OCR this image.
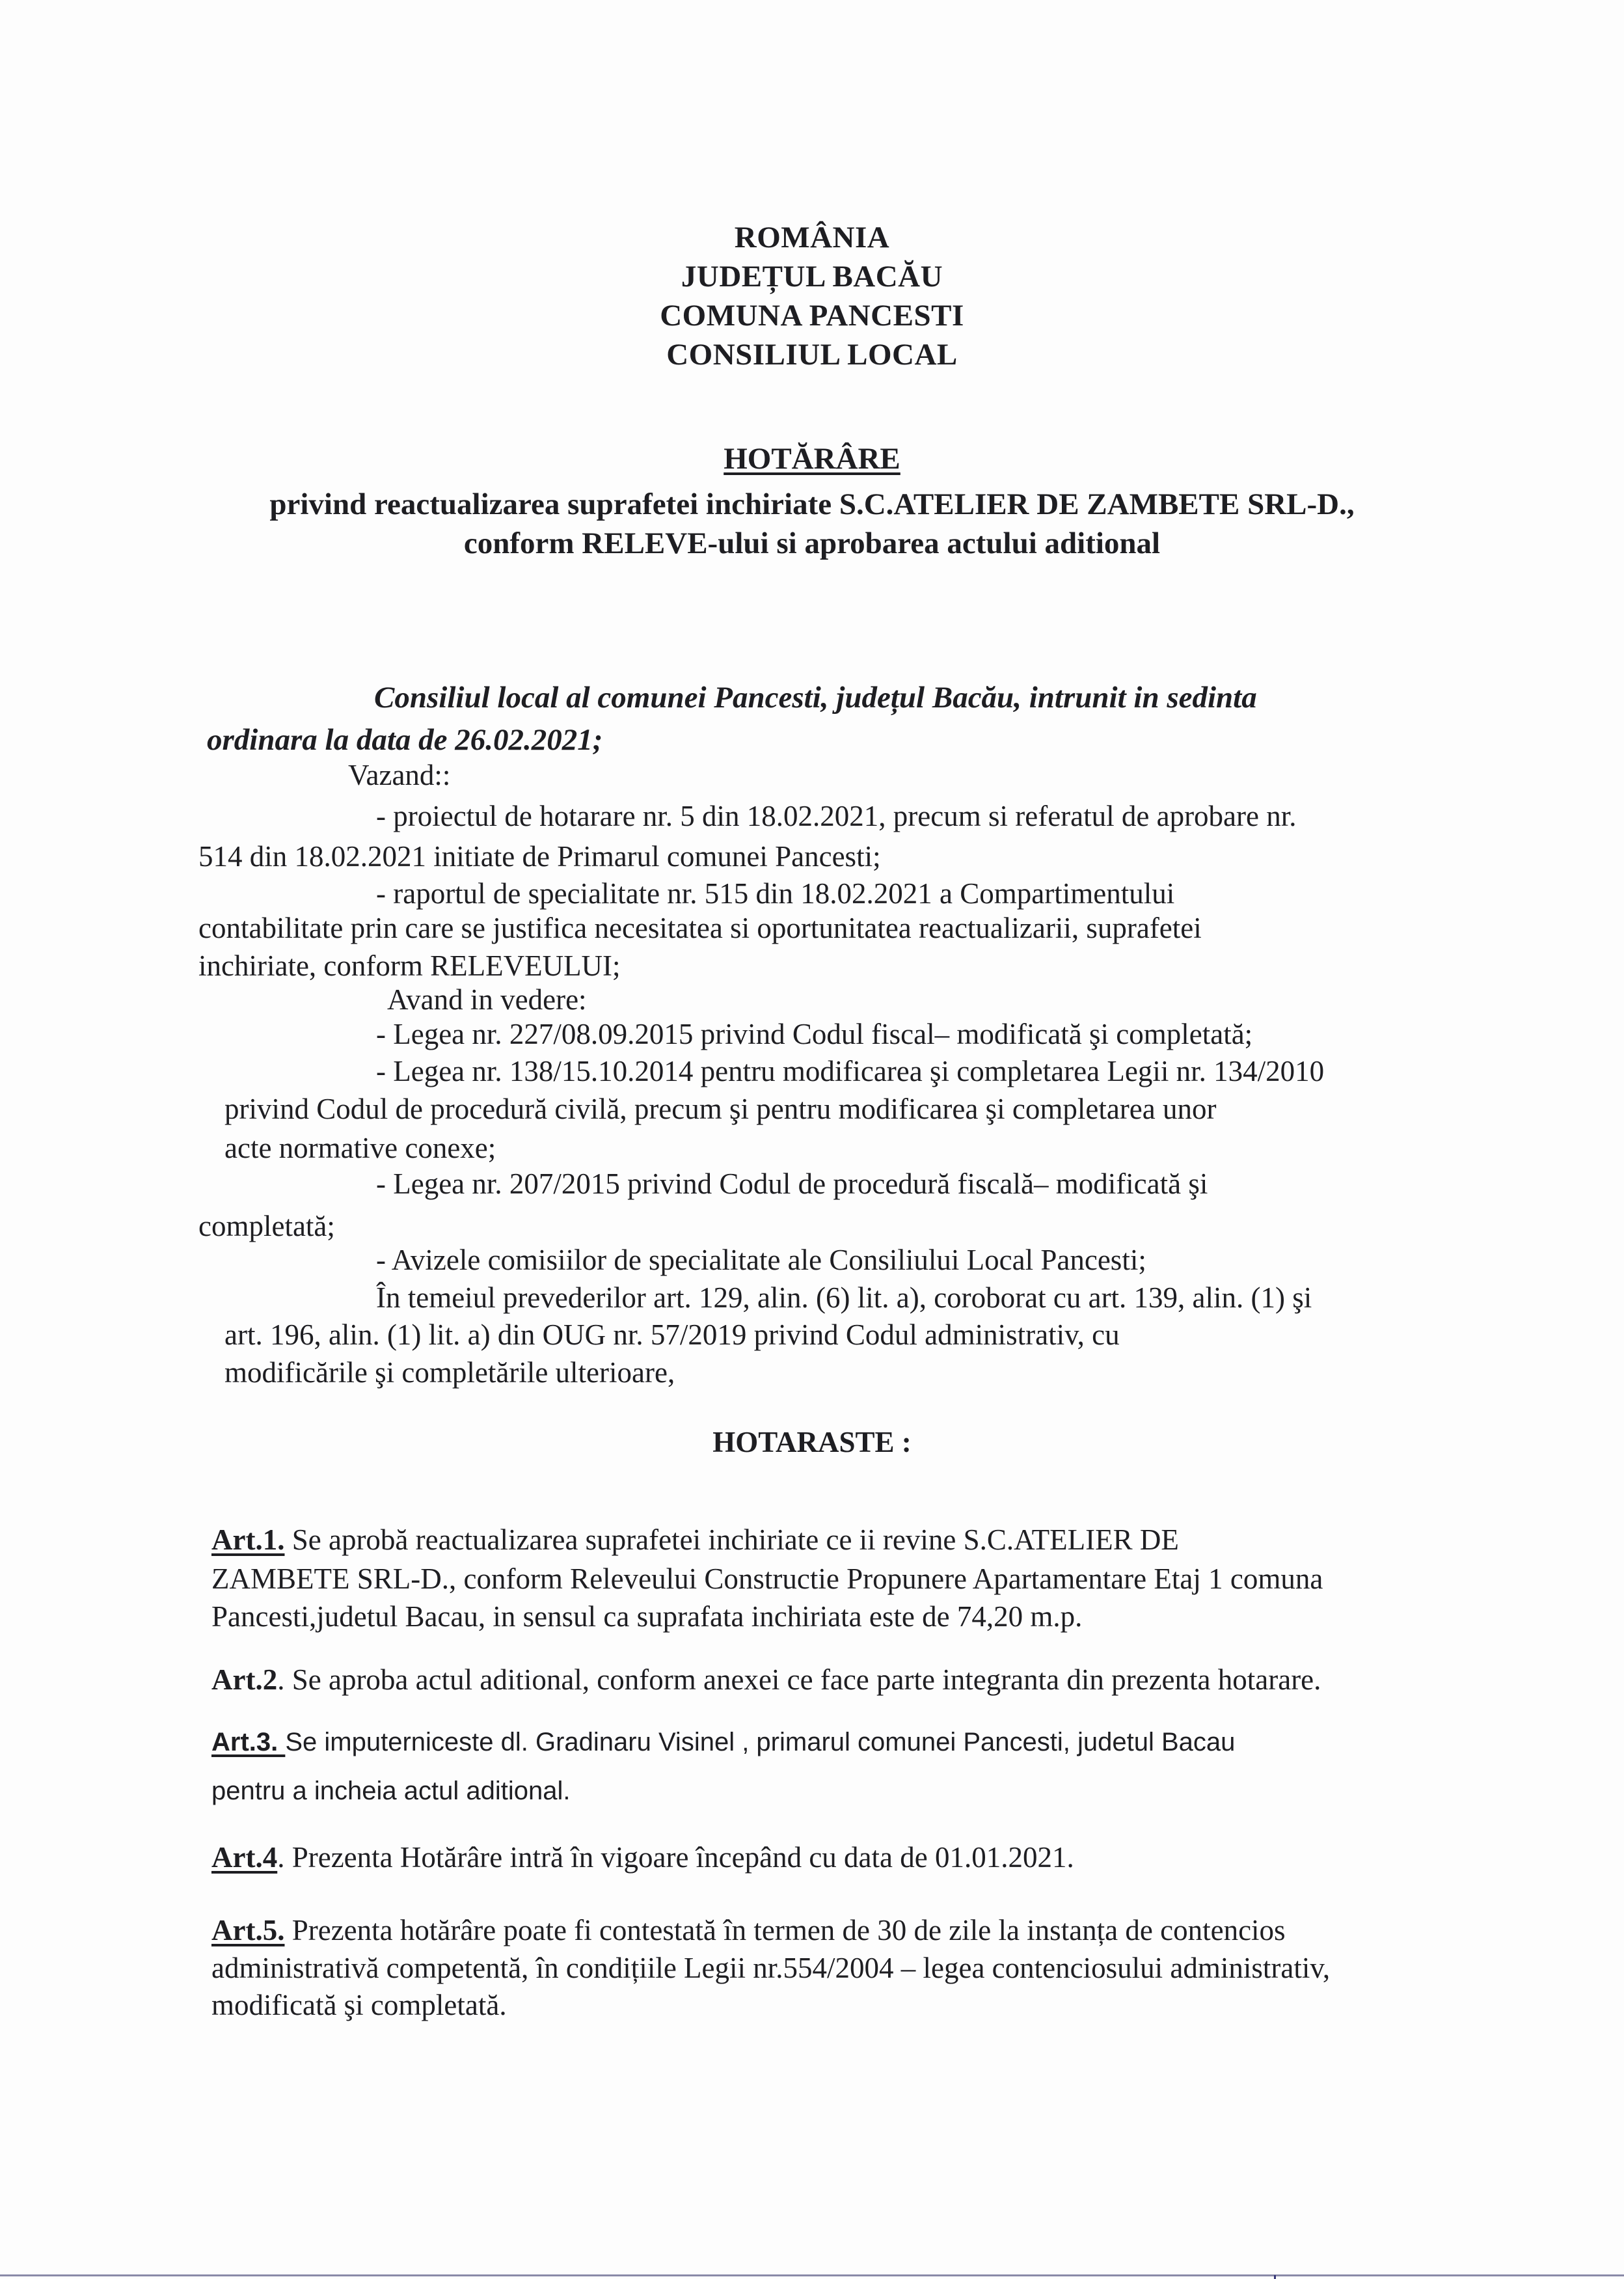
ROMÂNIA
JUDEȚUL BACĂU
COMUNA PANCESTI
CONSILIUL LOCAL
HOTĂRÂRE
privind reactualizarea suprafetei inchiriate S.C.ATELIER DE ZAMBETE SRL-D.,
conform RELEVE-ului si aprobarea actului aditional
Consiliul local al comunei Pancesti, județul Bacău, intrunit in sedinta
ordinara la data de 26.02.2021;
Vazand::
- proiectul de hotarare nr. 5 din 18.02.2021, precum si referatul de aprobare nr.
514 din 18.02.2021 initiate de Primarul comunei Pancesti;
- raportul de specialitate nr. 515 din 18.02.2021 a Compartimentului
contabilitate prin care se justifica necesitatea si oportunitatea reactualizarii, suprafetei
inchiriate, conform RELEVEULUI;
Avand in vedere:
- Legea nr. 227/08.09.2015 privind Codul fiscal– modificată şi completată;
- Legea nr. 138/15.10.2014 pentru modificarea şi completarea Legii nr. 134/2010
privind Codul de procedură civilă, precum şi pentru modificarea şi completarea unor
acte normative conexe;
- Legea nr. 207/2015 privind Codul de procedură fiscală– modificată şi
completată;
- Avizele comisiilor de specialitate ale Consiliului Local Pancesti;
În temeiul prevederilor art. 129, alin. (6) lit. a), coroborat cu art. 139, alin. (1) şi
art. 196, alin. (1) lit. a) din OUG nr. 57/2019 privind Codul administrativ, cu
modificările şi completările ulterioare,
HOTARASTE :
Art.1. Se aprobă reactualizarea suprafetei inchiriate ce ii revine S.C.ATELIER DE
ZAMBETE SRL-D., conform Releveului Constructie Propunere Apartamentare Etaj 1 comuna
Pancesti,judetul Bacau, in sensul ca suprafata inchiriata este de 74,20 m.p.
Art.2. Se aproba actul aditional, conform anexei ce face parte integranta din prezenta hotarare.
Art.3. Se imputerniceste dl. Gradinaru Visinel , primarul comunei Pancesti, judetul Bacau
pentru a incheia actul aditional.
Art.4. Prezenta Hotărâre intră în vigoare începând cu data de 01.01.2021.
Art.5. Prezenta hotărâre poate fi contestată în termen de 30 de zile la instanța de contencios
administrativă competentă, în condițiile Legii nr.554/2004 – legea contenciosului administrativ,
modificată şi completată.
